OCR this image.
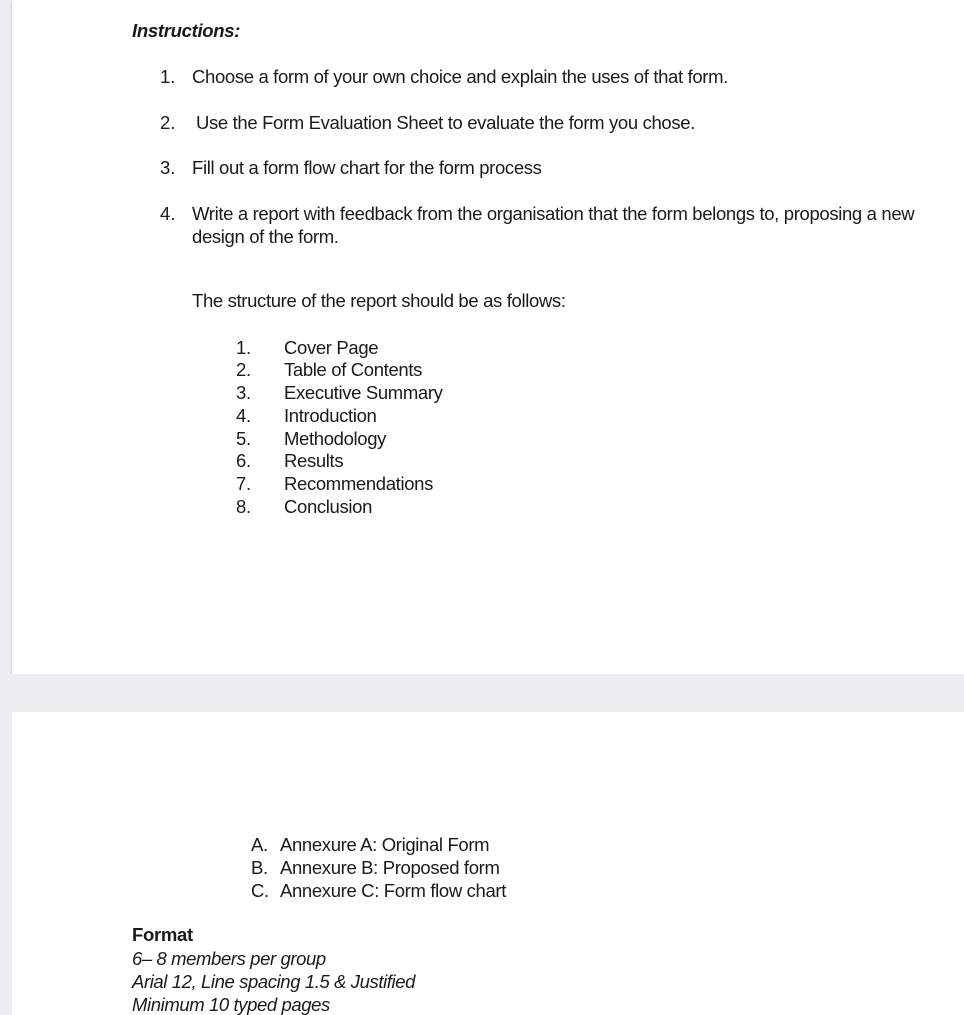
Instructions:
1. Choose a form of your own choice and explain the uses of that form.
2. Use the Form Evaluation Sheet to evaluate the form you chose.
3. Fill out a form flow chart for the form process
4. Write a report with feedback from the organisation that the form belongs to, proposing a new
design of the form.
The structure of the report should be as follows:
1. Cover Page
2. Table of Contents
3. Executive Summary
4. Introduction
5. Methodology
6. Results
7. Recommendations
8. Conclusion
A. Annexure A: Original Form
B. Annexure B: Proposed form
C. Annexure C: Form flow chart
Format
6– 8 members per group
Arial 12, Line spacing 1.5 & Justified
Minimum 10 typed pages
